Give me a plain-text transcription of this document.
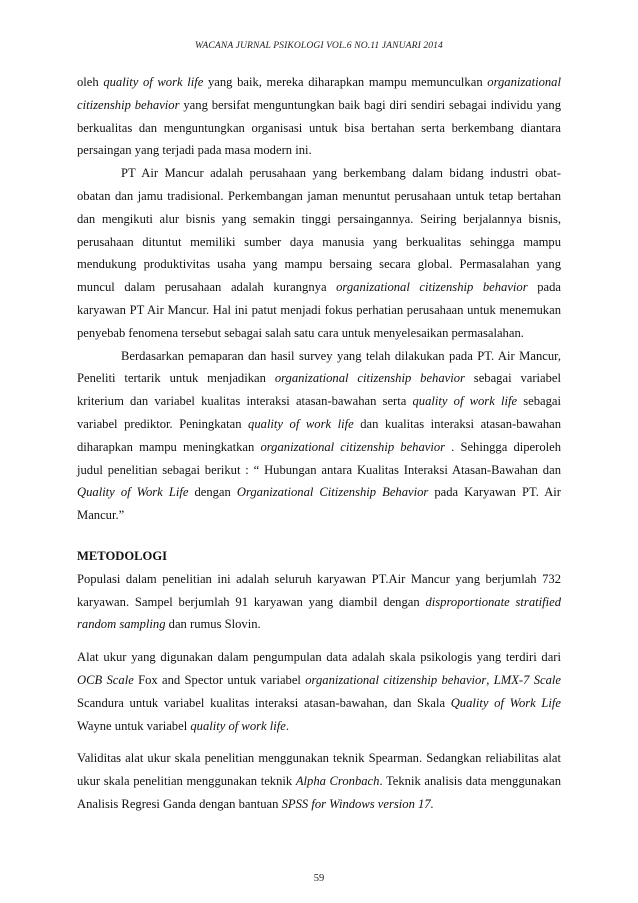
WACANA JURNAL PSIKOLOGI VOL.6 NO.11 JANUARI 2014

oleh quality of work life yang baik, mereka diharapkan mampu memunculkan organizational citizenship behavior yang bersifat menguntungkan baik bagi diri sendiri sebagai individu yang berkualitas dan menguntungkan organisasi untuk bisa bertahan serta berkembang diantara persaingan yang terjadi pada masa modern ini.

PT Air Mancur adalah perusahaan yang berkembang dalam bidang industri obat-obatan dan jamu tradisional. Perkembangan jaman menuntut perusahaan untuk tetap bertahan dan mengikuti alur bisnis yang semakin tinggi persaingannya. Seiring berjalannya bisnis, perusahaan dituntut memiliki sumber daya manusia yang berkualitas sehingga mampu mendukung produktivitas usaha yang mampu bersaing secara global. Permasalahan yang muncul dalam perusahaan adalah kurangnya organizational citizenship behavior pada karyawan PT Air Mancur. Hal ini patut menjadi fokus perhatian perusahaan untuk menemukan penyebab fenomena tersebut sebagai salah satu cara untuk menyelesaikan permasalahan.

Berdasarkan pemaparan dan hasil survey yang telah dilakukan pada PT. Air Mancur, Peneliti tertarik untuk menjadikan organizational citizenship behavior sebagai variabel kriterium dan variabel kualitas interaksi atasan-bawahan serta quality of work life sebagai variabel prediktor. Peningkatan quality of work life dan kualitas interaksi atasan-bawahan diharapkan mampu meningkatkan organizational citizenship behavior . Sehingga diperoleh judul penelitian sebagai berikut : “ Hubungan antara Kualitas Interaksi Atasan-Bawahan dan Quality of Work Life dengan Organizational Citizenship Behavior pada Karyawan PT. Air Mancur.”

METODOLOGI

Populasi dalam penelitian ini adalah seluruh karyawan PT.Air Mancur yang berjumlah 732 karyawan. Sampel berjumlah 91 karyawan yang diambil dengan disproportionate stratified random sampling dan rumus Slovin.

Alat ukur yang digunakan dalam pengumpulan data adalah skala psikologis yang terdiri dari OCB Scale Fox and Spector untuk variabel organizational citizenship behavior, LMX-7 Scale Scandura untuk variabel kualitas interaksi atasan-bawahan, dan Skala Quality of Work Life Wayne untuk variabel quality of work life.

Validitas alat ukur skala penelitian menggunakan teknik Spearman. Sedangkan reliabilitas alat ukur skala penelitian menggunakan teknik Alpha Cronbach. Teknik analisis data menggunakan Analisis Regresi Ganda dengan bantuan SPSS for Windows version 17.

59
